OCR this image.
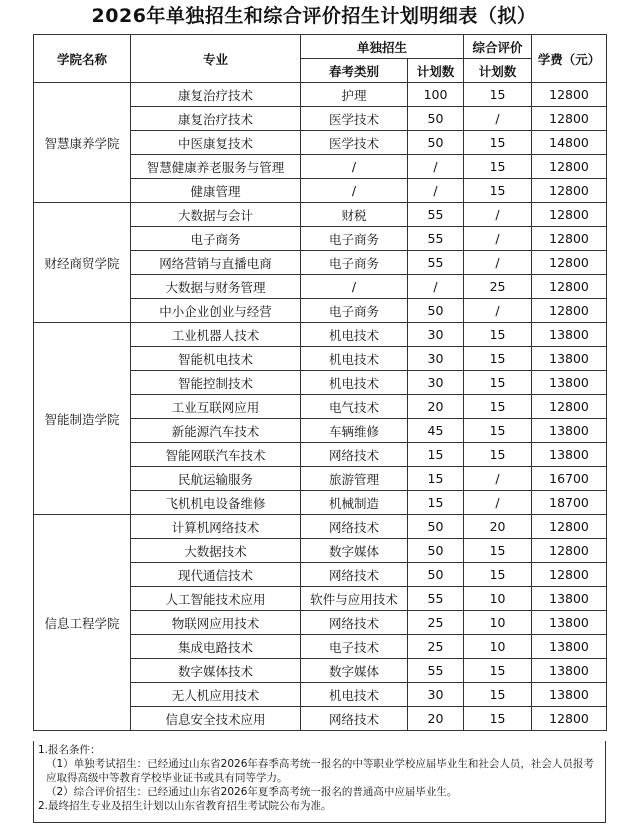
2026年单独招生和综合评价招生计划明细表（拟）
学院名称	专业	单独招生		综合评价	学费（元）
		春考类别	计划数	计划数	
智慧康养学院	康复治疗技术	护理	100	15	12800
	康复治疗技术	医学技术	50	/	12800
	中医康复技术	医学技术	50	15	14800
	智慧健康养老服务与管理	/	/	15	12800
	健康管理	/	/	15	12800
财经商贸学院	大数据与会计	财税	55	/	12800
	电子商务	电子商务	55	/	12800
	网络营销与直播电商	电子商务	55	/	12800
	大数据与财务管理	/	/	25	12800
	中小企业创业与经营	电子商务	50	/	12800
智能制造学院	工业机器人技术	机电技术	30	15	13800
	智能机电技术	机电技术	30	15	13800
	智能控制技术	机电技术	30	15	13800
	工业互联网应用	电气技术	20	15	12800
	新能源汽车技术	车辆维修	45	15	13800
	智能网联汽车技术	网络技术	15	15	13800
	民航运输服务	旅游管理	15	/	16700
	飞机机电设备维修	机械制造	15	/	18700
信息工程学院	计算机网络技术	网络技术	50	20	12800
	大数据技术	数字媒体	50	15	12800
	现代通信技术	网络技术	50	15	12800
	人工智能技术应用	软件与应用技术	55	10	13800
	物联网应用技术	网络技术	25	10	13800
	集成电路技术	电子技术	25	10	13800
	数字媒体技术	数字媒体	55	15	13800
	无人机应用技术	机电技术	30	15	13800
	信息安全技术应用	网络技术	20	15	12800

1.报名条件：

（1）单独考试招生：已经通过山东省2026年春季高考统一报名的中等职业学校应届毕业生和社会人员，社会人员报考应取得高级中等教育学校毕业证书或具有同等学力。

（2）综合评价招生：已经通过山东省2026年夏季高考统一报名的普通高中应届毕业生。

2.最终招生专业及招生计划以山东省教育招生考试院公布为准。
